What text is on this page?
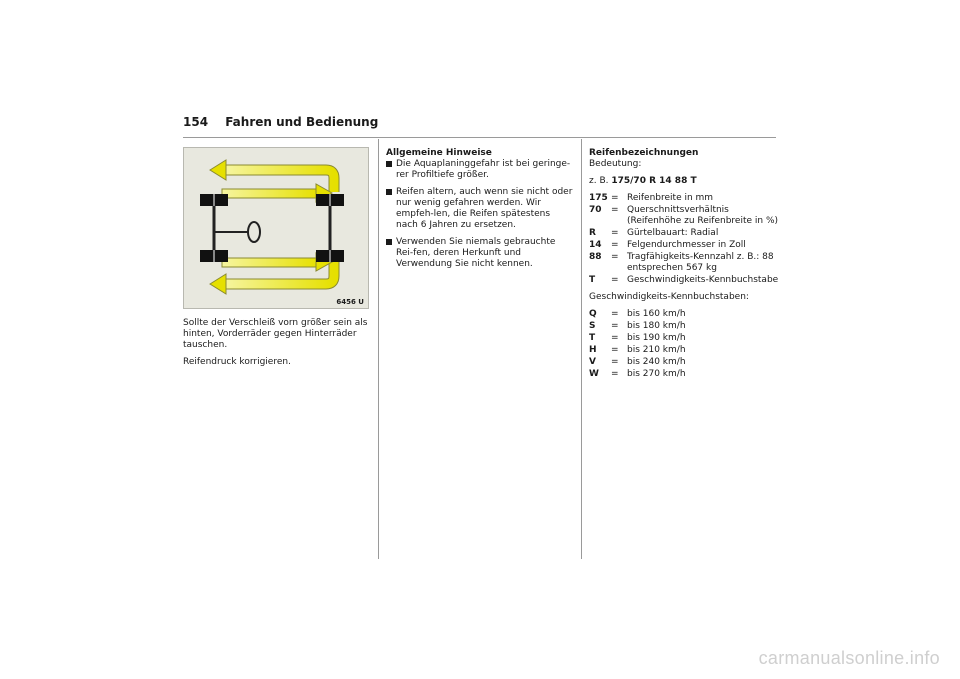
154 Fahren und Bedienung
6456 U

Sollte der Verschleiß vorn größer sein als hinten, Vorderräder gegen Hinterräder tauschen.

Reifendruck korrigieren.

Allgemeine Hinweise
Die Aquaplaninggefahr ist bei geringe-rer Profiltiefe größer.
Reifen altern, auch wenn sie nicht oder nur wenig gefahren werden. Wir empfeh-len, die Reifen spätestens nach 6 Jahren zu ersetzen.
Verwenden Sie niemals gebrauchte Rei-fen, deren Herkunft und Verwendung Sie nicht kennen.
Reifenbezeichnungen
Bedeutung:
z. B. 175/70 R 14 88 T
175 = Reifenbreite in mm
70	= Querschnittsverhältnis (Reifenhöhe zu Reifenbreite in %)
R	= Gürtelbauart: Radial
14	= Felgendurchmesser in Zoll
88	= Tragfähigkeits-Kennzahl z. B.: 88 entsprechen 567 kg
T	= Geschwindigkeits-Kennbuchstabe
Geschwindigkeits-Kennbuchstaben:
Q	= bis 160 km/h
S	= bis 180 km/h
T	= bis 190 km/h
H	= bis 210 km/h
V	= bis 240 km/h
W	= bis 270 km/h
carmanualsonline.info
